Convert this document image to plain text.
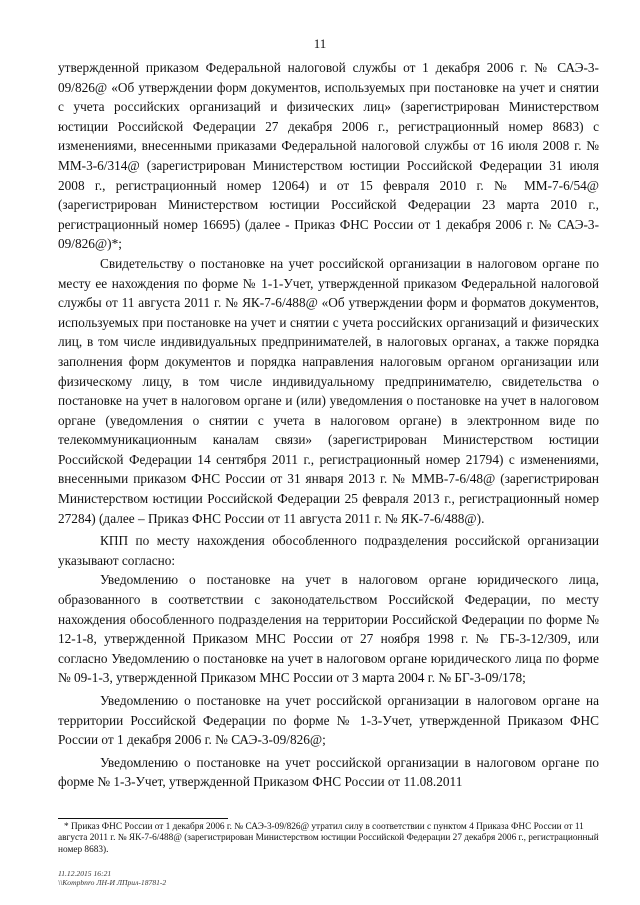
11

утвержденной приказом Федеральной налоговой службы от 1 декабря 2006 г. № САЭ-3-09/826@ «Об утверждении форм документов, используемых при постановке на учет и снятии с учета российских организаций и физических лиц» (зарегистрирован Министерством юстиции Российской Федерации 27 декабря 2006 г., регистрационный номер 8683) с изменениями, внесенными приказами Федеральной налоговой службы от 16 июля 2008 г. № ММ-3-6/314@ (зарегистрирован Министерством юстиции Российской Федерации 31 июля 2008 г., регистрационный номер 12064) и от 15 февраля 2010 г. № ММ-7-6/54@ (зарегистрирован Министерством юстиции Российской Федерации 23 марта 2010 г., регистрационный номер 16695) (далее - Приказ ФНС России от 1 декабря 2006 г. № САЭ-3-09/826@)*;

Свидетельству о постановке на учет российской организации в налоговом органе по месту ее нахождения по форме № 1-1-Учет, утвержденной приказом Федеральной налоговой службы от 11 августа 2011 г. № ЯК-7-6/488@ «Об утверждении форм и форматов документов, используемых при постановке на учет и снятии с учета российских организаций и физических лиц, в том числе индивидуальных предпринимателей, в налоговых органах, а также порядка заполнения форм документов и порядка направления налоговым органом организации или физическому лицу, в том числе индивидуальному предпринимателю, свидетельства о постановке на учет в налоговом органе и (или) уведомления о постановке на учет в налоговом органе (уведомления о снятии с учета в налоговом органе) в электронном виде по телекоммуникационным каналам связи» (зарегистрирован Министерством юстиции Российской Федерации 14 сентября 2011 г., регистрационный номер 21794) с изменениями, внесенными приказом ФНС России от 31 января 2013 г. № ММВ-7-6/48@ (зарегистрирован Министерством юстиции Российской Федерации 25 февраля 2013 г., регистрационный номер 27284) (далее – Приказ ФНС России от 11 августа 2011 г. № ЯК-7-6/488@).

КПП по месту нахождения обособленного подразделения российской организации указывают согласно:

Уведомлению о постановке на учет в налоговом органе юридического лица, образованного в соответствии с законодательством Российской Федерации, по месту нахождения обособленного подразделения на территории Российской Федерации по форме № 12-1-8, утвержденной Приказом МНС России от 27 ноября 1998 г. № ГБ-3-12/309, или согласно Уведомлению о постановке на учет в налоговом органе юридического лица по форме № 09-1-3, утвержденной Приказом МНС России от 3 марта 2004 г. № БГ-3-09/178;

Уведомлению о постановке на учет российской организации в налоговом органе на территории Российской Федерации по форме № 1-3-Учет, утвержденной Приказом ФНС России от 1 декабря 2006 г. № САЭ-3-09/826@;

Уведомлению о постановке на учет российской организации в налоговом органе по форме № 1-3-Учет, утвержденной Приказом ФНС России от 11.08.2011

* Приказ ФНС России от 1 декабря 2006 г. № САЭ-3-09/826@ утратил силу в соответствии с пунктом 4 Приказа ФНС России от 11 августа 2011 г. № ЯК-7-6/488@ (зарегистрирован Министерством юстиции Российской Федерации 27 декабря 2006 г., регистрационный номер 8683).

11.12.2015 16:21
\\Kompbnro ЛН-И ЛПрил-18781-2
